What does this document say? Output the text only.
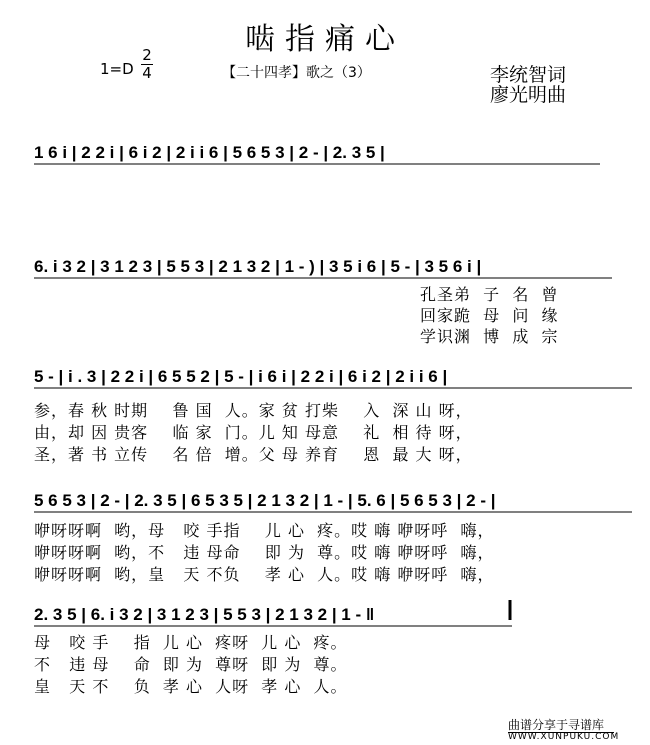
啮指痛心
1=D
2
4	【二十四孝】歌之（3）	李统智词
廖光明曲
1 6 i | 2 2 i | 6 i 2 | 2 i i 6 | 5 6 5 3 | 2 - | 2. 3 5 |
6. i 3 2 | 3 1 2 3 | 5 5 3 | 2 1 3 2 | 1 - ) | 3 5 i 6 | 5 - | 3 5 6 i |
孔圣弟  子  名  曾
回家跪  母  问  缘
学识渊  博  成  宗
5 - | i . 3 | 2 2 i | 6 5 5 2 | 5 - | i 6 i | 2 2 i | 6 i 2 | 2 i i 6 |
参，春 秋 时期    鲁 国  人。家 贫 打柴    入  深 山 呀，
由，却 因 贵客    临 家  门。儿 知 母意    礼  相 待 呀，
圣，著 书 立传    名 倍  增。父 母 养育    恩  最 大 呀，
5 6 5 3 | 2 - | 2. 3 5 | 6 5 3 5 | 2 1 3 2 | 1 - | 5. 6 | 5 6 5 3 | 2 - |
咿呀呀啊  哟，母   咬 手指    儿 心  疼。哎 嗨 咿呀呼  嗨，
咿呀呀啊  哟，不   违 母命    即 为  尊。哎 嗨 咿呀呼  嗨，
咿呀呀啊  哟，皇   天 不负    孝 心  人。哎 嗨 咿呀呼  嗨，
2. 3 5 | 6. i 3 2 | 3 1 2 3 | 5 5 3 | 2 1 3 2 | 1 - ‖
母   咬 手    指  儿 心  疼呀  儿 心  疼。
不   违 母    命  即 为  尊呀  即 为  尊。
皇   天 不    负  孝 心  人呀  孝 心  人。
曲谱分享于寻谱库
WWW.XUNPUKU.COM
